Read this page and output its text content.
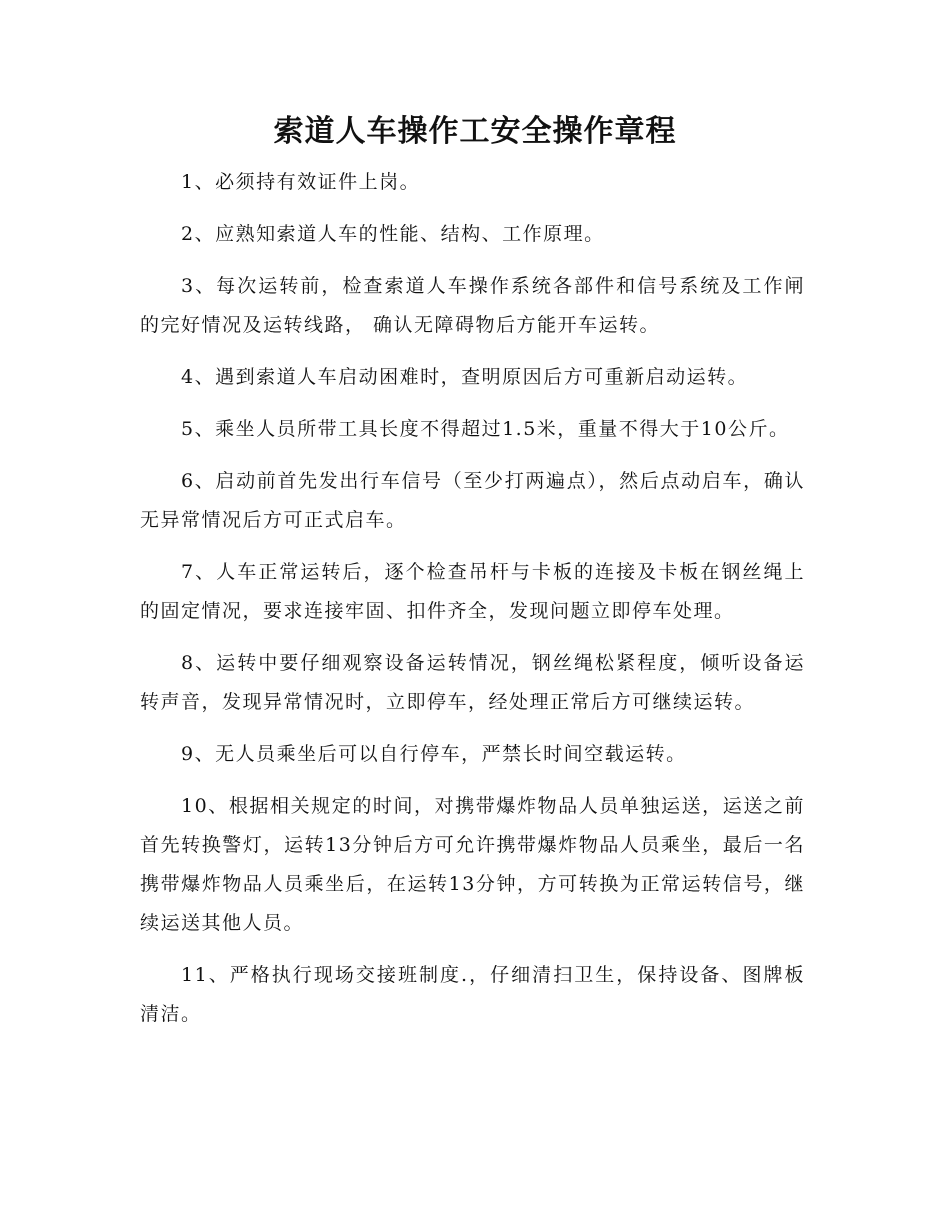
索道人车操作工安全操作章程

1、必须持有效证件上岗。

2、应熟知索道人车的性能、结构、工作原理。

3、每次运转前，检查索道人车操作系统各部件和信号系统及工作闸的完好情况及运转线路， 确认无障碍物后方能开车运转。

4、遇到索道人车启动困难时，查明原因后方可重新启动运转。

5、乘坐人员所带工具长度不得超过1.5米，重量不得大于10公斤。

6、启动前首先发出行车信号（至少打两遍点），然后点动启车，确认无异常情况后方可正式启车。

7、人车正常运转后，逐个检查吊杆与卡板的连接及卡板在钢丝绳上的固定情况，要求连接牢固、扣件齐全，发现问题立即停车处理。

8、运转中要仔细观察设备运转情况，钢丝绳松紧程度，倾听设备运转声音，发现异常情况时，立即停车，经处理正常后方可继续运转。

9、无人员乘坐后可以自行停车，严禁长时间空载运转。

10、根据相关规定的时间，对携带爆炸物品人员单独运送，运送之前首先转换警灯，运转13分钟后方可允许携带爆炸物品人员乘坐，最后一名携带爆炸物品人员乘坐后，在运转13分钟，方可转换为正常运转信号，继续运送其他人员。

11、严格执行现场交接班制度.，仔细清扫卫生，保持设备、图牌板清洁。
